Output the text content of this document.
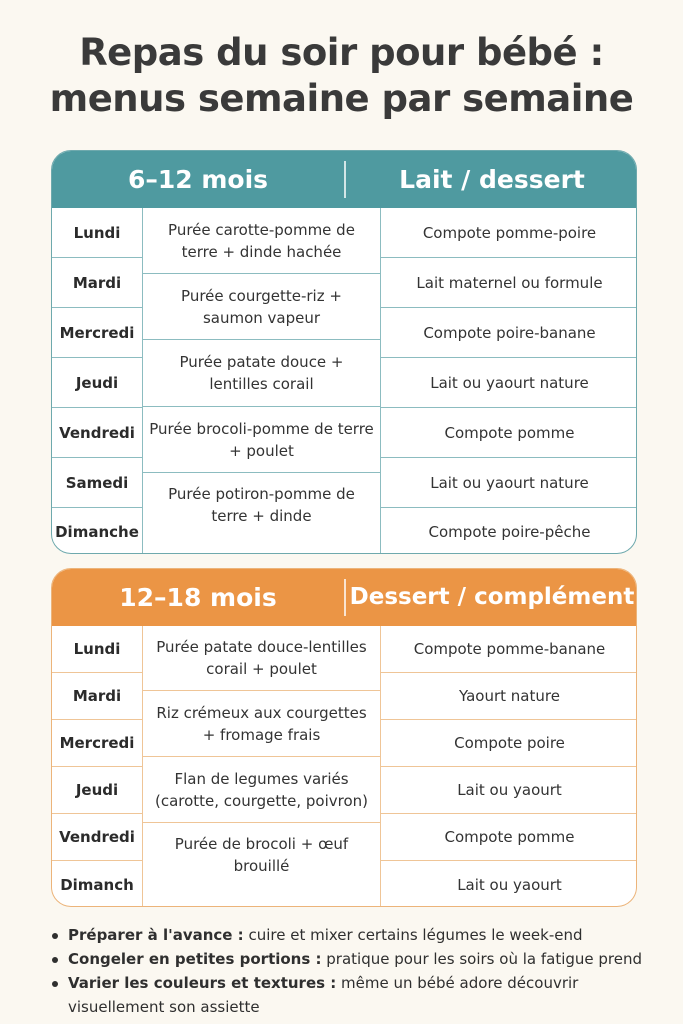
Repas du soir pour bébé :
menus semaine par semaine
6–12 mois	Lait / dessert
Lundi
Mardi
Mercredi
Jeudi
Vendredi
Samedi
Dimanche
Purée carotte-pomme de terre + dinde hachée
Purée courgette-riz + saumon vapeur
Purée patate douce + lentilles corail
Purée brocoli-pomme de terre + poulet
Purée potiron-pomme de terre + dinde
Compote pomme-poire
Lait maternel ou formule
Compote poire-banane
Lait ou yaourt nature
Compote pomme
Lait ou yaourt nature
Compote poire-pêche
12–18 mois	Dessert / complément
Lundi
Mardi
Mercredi
Jeudi
Vendredi
Dimanch
Purée patate douce-lentilles corail + poulet
Riz crémeux aux courgettes + fromage frais
Flan de legumes variés (carotte, courgette, poivron)
Purée de brocoli + œuf brouillé
Compote pomme-banane
Yaourt nature
Compote poire
Lait ou yaourt
Compote pomme
Lait ou yaourt
Préparer à l'avance : cuire et mixer certains légumes le week-end
Congeler en petites portions : pratique pour les soirs où la fatigue prend
Varier les couleurs et textures : même un bébé adore découvrir visuellement son assiette
